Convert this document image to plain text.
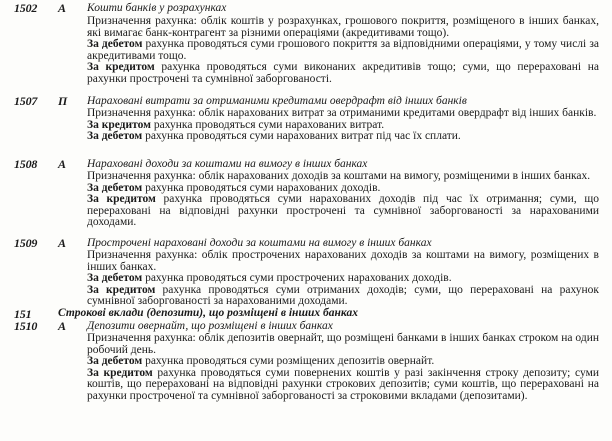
1502 А Кошти банків у розрахунках
Призначення рахунка: облік коштів у розрахунках, грошового покриття, розміщеного в інших банках, які вимагає банк-контрагент за різними операціями (акредитивами тощо).
За дебетом рахунка проводяться суми грошового покриття за відповідними операціями, у тому числі за акредитивами тощо.
За кредитом рахунка проводяться суми виконаних акредитивів тощо; суми, що перераховані на рахунки прострочені та сумнівної заборгованості.
1507 П Нараховані витрати за отриманими кредитами овердрафт від інших банків
Призначення рахунка: облік нарахованих витрат за отриманими кредитами овердрафт від інших банків.
За кредитом рахунка проводяться суми нарахованих витрат.
За дебетом рахунка проводяться суми нарахованих витрат під час їх сплати.
1508 А Нараховані доходи за коштами на вимогу в інших банках
Призначення рахунка: облік нарахованих доходів за коштами на вимогу, розміщеними в інших банках.
За дебетом рахунка проводяться суми нарахованих доходів.
За кредитом рахунка проводяться суми нарахованих доходів під час їх отримання; суми, що перераховані на відповідні рахунки прострочені та сумнівної заборгованості за нарахованими доходами.
1509 А Прострочені нараховані доходи за коштами на вимогу в інших банках
Призначення рахунка: облік прострочених нарахованих доходів за коштами на вимогу, розміщених в інших банках.
За дебетом рахунка проводяться суми прострочених нарахованих доходів.
За кредитом рахунка проводяться суми отриманих доходів; суми, що перераховані на рахунок сумнівної заборгованості за нарахованими доходами.
151 Строкові вклади (депозити), що розміщені в інших банках
1510 А Депозити овернайт, що розміщені в інших банках
Призначення рахунка: облік депозитів овернайт, що розміщені банками в інших банках строком на один робочий день.
За дебетом рахунка проводяться суми розміщених депозитів овернайт.
За кредитом рахунка проводяться суми повернених коштів у разі закінчення строку депозиту; суми коштів, що перераховані на відповідні рахунки строкових депозитів; суми коштів, що перераховані на рахунки простроченої та сумнівної заборгованості за строковими вкладами (депозитами).
